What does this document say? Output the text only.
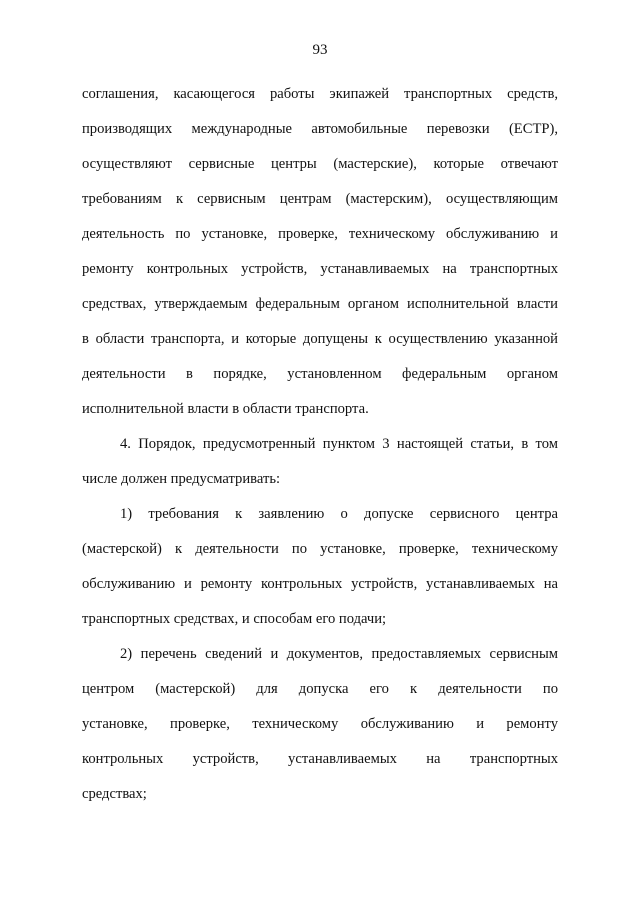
93
соглашения, касающегося работы экипажей транспортных средств,
производящих международные автомобильные перевозки (ЕСТР),
осуществляют сервисные центры (мастерские), которые отвечают
требованиям к сервисным центрам (мастерским), осуществляющим
деятельность по установке, проверке, техническому обслуживанию и
ремонту контрольных устройств, устанавливаемых на транспортных
средствах, утверждаемым федеральным органом исполнительной власти
в области транспорта, и которые допущены к осуществлению указанной
деятельности в порядке, установленном федеральным органом
исполнительной власти в области транспорта.
4. Порядок, предусмотренный пунктом 3 настоящей статьи, в том
числе должен предусматривать:
1) требования к заявлению о допуске сервисного центра
(мастерской) к деятельности по установке, проверке, техническому
обслуживанию и ремонту контрольных устройств, устанавливаемых на
транспортных средствах, и способам его подачи;
2) перечень сведений и документов, предоставляемых сервисным
центром (мастерской) для допуска его к деятельности по
установке, проверке, техническому обслуживанию и ремонту
контрольных устройств, устанавливаемых на транспортных
средствах;
